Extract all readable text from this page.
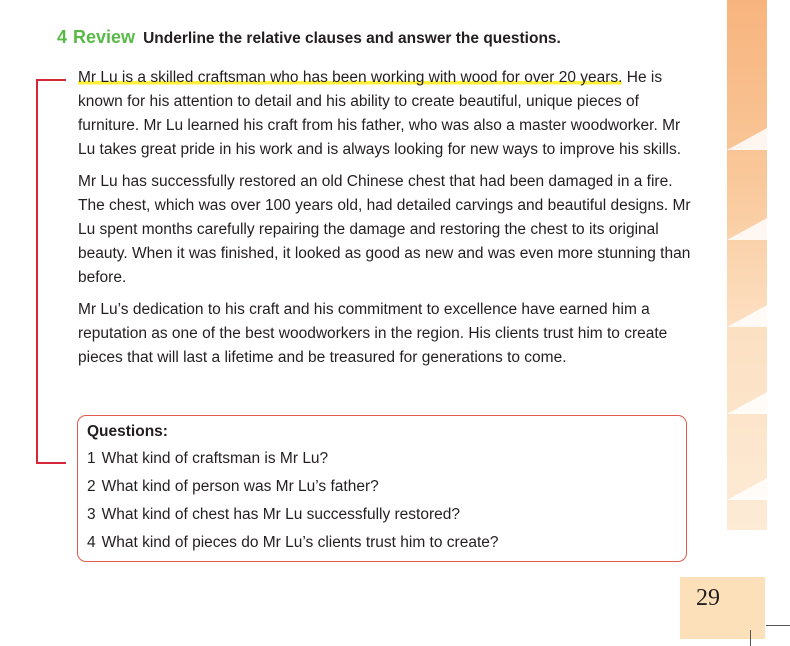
4 Review Underline the relative clauses and answer the questions.

Mr Lu is a skilled craftsman who has been working with wood for over 20 years. He is known for his attention to detail and his ability to create beautiful, unique pieces of furniture. Mr Lu learned his craft from his father, who was also a master woodworker. Mr Lu takes great pride in his work and is always looking for new ways to improve his skills.

Mr Lu has successfully restored an old Chinese chest that had been damaged in a fire. The chest, which was over 100 years old, had detailed carvings and beautiful designs. Mr Lu spent months carefully repairing the damage and restoring the chest to its original beauty. When it was finished, it looked as good as new and was even more stunning than before.

Mr Lu’s dedication to his craft and his commitment to excellence have earned him a reputation as one of the best woodworkers in the region. His clients trust him to create pieces that will last a lifetime and be treasured for generations to come.

Questions:
1 What kind of craftsman is Mr Lu?
2 What kind of person was Mr Lu’s father?
3 What kind of chest has Mr Lu successfully restored?
4 What kind of pieces do Mr Lu’s clients trust him to create?
29
